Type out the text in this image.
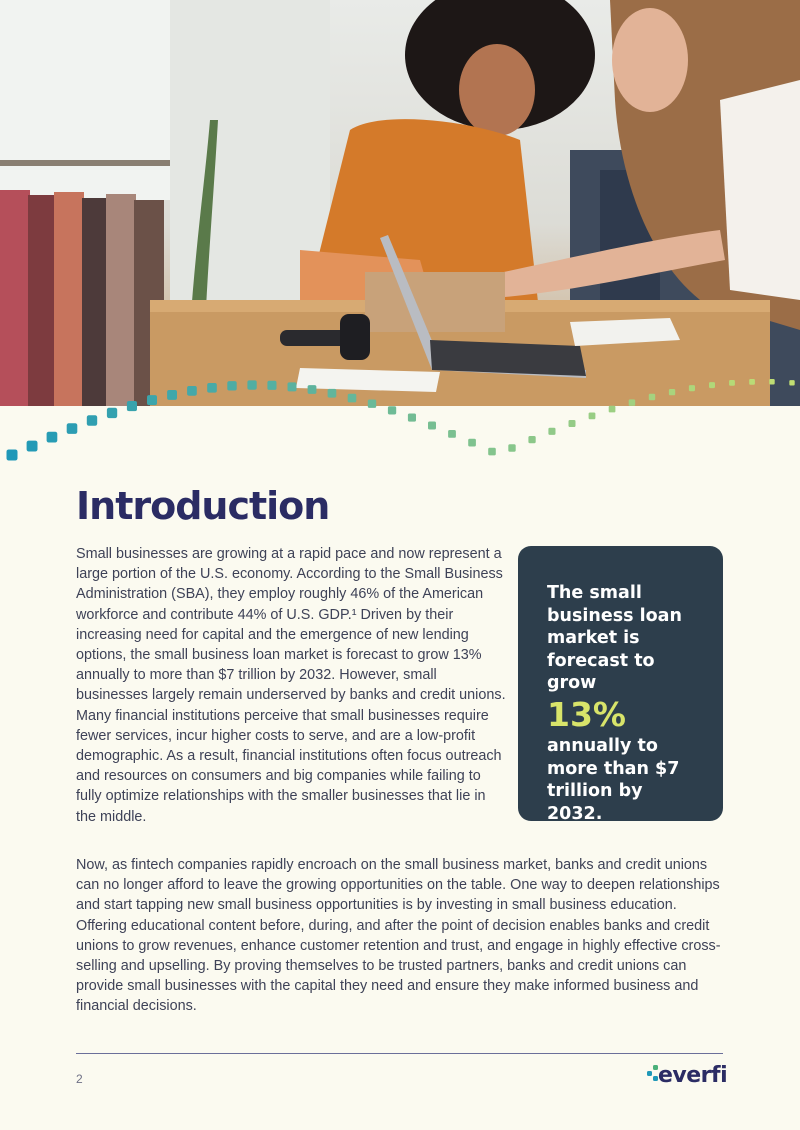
Introduction

Small businesses are growing at a rapid pace and now represent a large portion of the U.S. economy. According to the Small Business Administration (SBA), they employ roughly 46% of the American workforce and contribute 44% of U.S. GDP.¹ Driven by their increasing need for capital and the emergence of new lending options, the small business loan market is forecast to grow 13% annually to more than $7 trillion by 2032. However, small businesses largely remain underserved by banks and credit unions. Many financial institutions perceive that small businesses require fewer services, incur higher costs to serve, and are a low-profit demographic. As a result, financial institutions often focus outreach and resources on consumers and big companies while failing to fully optimize relationships with the smaller businesses that lie in the middle.

The small business loan market is forecast to grow
13%
annually to more than $7 trillion by 2032.

Now, as fintech companies rapidly encroach on the small business market, banks and credit unions can no longer afford to leave the growing opportunities on the table. One way to deepen relationships and start tapping new small business opportunities is by investing in small business education. Offering educational content before, during, and after the point of decision enables banks and credit unions to grow revenues, enhance customer retention and trust, and engage in highly effective cross-selling and upselling. By proving themselves to be trusted partners, banks and credit unions can provide small businesses with the capital they need and ensure they make informed business and financial decisions.

2	everfi
